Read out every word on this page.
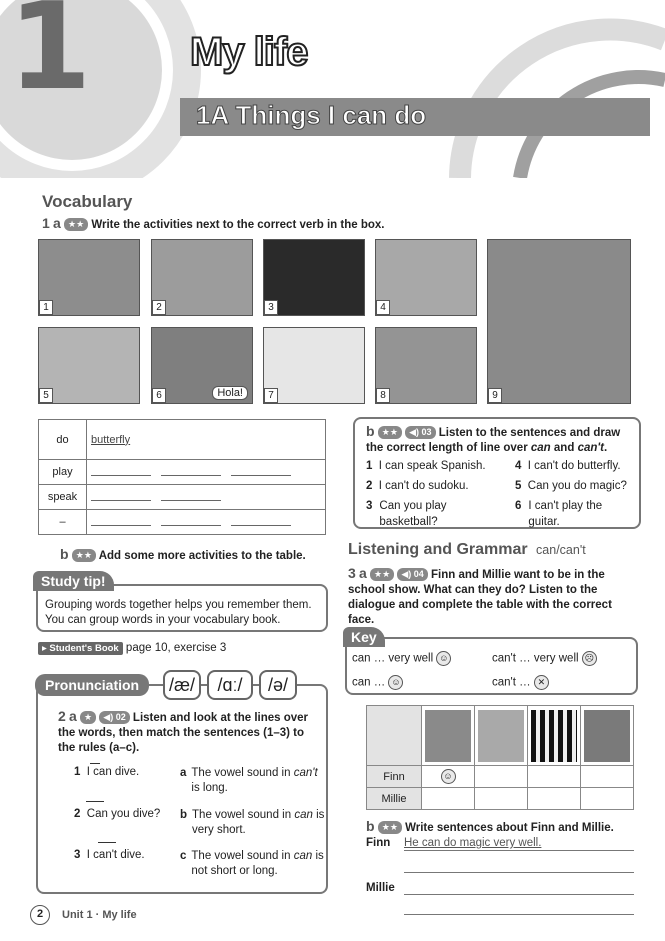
1 My life
1A Things I can do
Vocabulary
1 a ★★ Write the activities next to the correct verb in the box.
1	2	3	4
5	6	Hola!	7	8	9
do	butterfly
play	
speak	
–	
b ★★ Add some more activities to the table.
b ★★ ◀) 03 Listen to the sentences and draw the correct length of line over can and can't.
1 I can speak Spanish.
2 I can't do sudoku.
3 Can you play basketball?
4 I can't do butterfly.
5 Can you do magic?
6 I can't play the guitar.
Study tip!
Grouping words together helps you remember them. You can group words in your vocabulary book.
▸ Student's Book page 10, exercise 3
Pronunciation	/æ/	/ɑː/	/ə/
2 a ★ ◀) 02 Listen and look at the lines over the words, then match the sentences (1–3) to the rules (a–c).
1 I can dive.
2 Can you dive?
3 I can't dive.
a The vowel sound in can't is long.
b The vowel sound in can is very short.
c The vowel sound in can is not short or long.
Listening and Grammar can/can't
3 a ★★ ◀) 04 Finn and Millie want to be in the school show. What can they do? Listen to the dialogue and complete the table with the correct face.
Key
can … very well ☺	can't … very well ☹
can … ☺	can't … ✕

Finn	☺			
Millie				
b ★★ Write sentences about Finn and Millie.
Finn He can do magic very well.
Millie
2	Unit 1 · My life
